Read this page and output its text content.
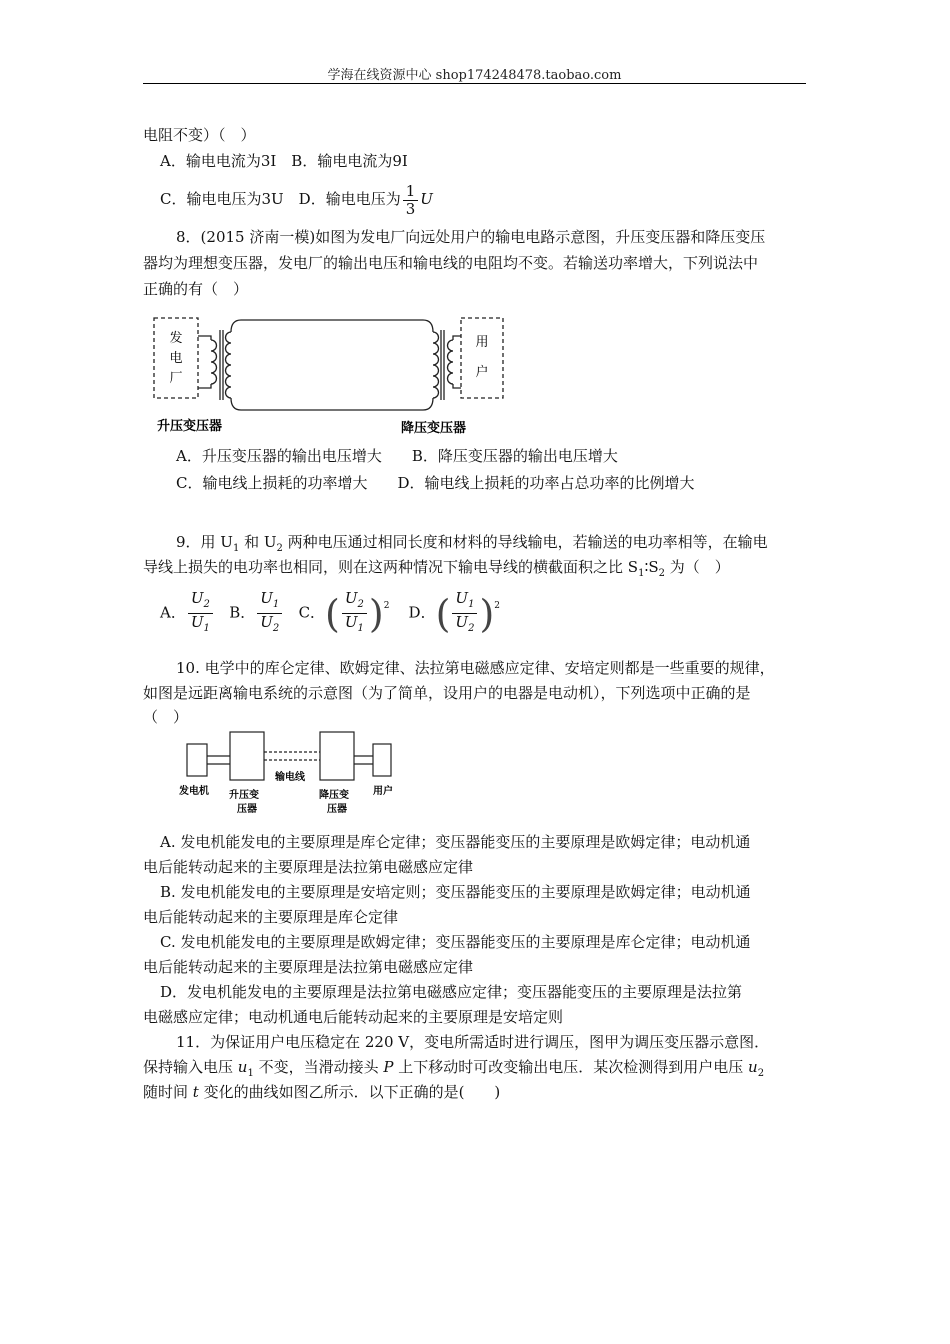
学海在线资源中心 shop174248478.taobao.com
电阻不变）（　）
A．输电电流为3I　B．输电电流为9I
C．输电电压为3U　D．输电电压为 $\frac{1}{3}$ U
8．(2015 济南一模)如图为发电厂向远处用户的输电电路示意图，升压变压器和降压变压
器均为理想变压器，发电厂的输出电压和输电线的电阻均不变。若输送功率增大，下列说法中
正确的有（　）
发
电
厂
用
户
升压变压器	降压变压器
A．升压变压器的输出电压增大　　B．降压变压器的输出电压增大
C．输电线上损耗的功率增大　　D．输电线上损耗的功率占总功率的比例增大
9．用 $U_1$ 和 $U_2$ 两种电压通过相同长度和材料的导线输电，若输送的电功率相等，在输电
导线上损失的电功率也相同，则在这两种情况下输电导线的横截面积之比 $S_1∶S_2$ 为（　）
A． $\frac{U_2}{U_1}$ B． $\frac{U_1}{U_2}$ C．( $\frac{U_2}{U_1} )^2$ D．( $\frac{U_1}{U_2} )^2$
10. 电学中的库仑定律、欧姆定律、法拉第电磁感应定律、安培定则都是一些重要的规律，
如图是远距离输电系统的示意图（为了简单，设用户的电器是电动机），下列选项中正确的是
（　）
发电机 升压变
压器
输电线
降压变
压器
用户
A. 发电机能发电的主要原理是库仑定律；变压器能变压的主要原理是欧姆定律；电动机通
电后能转动起来的主要原理是法拉第电磁感应定律
B. 发电机能发电的主要原理是安培定则；变压器能变压的主要原理是欧姆定律；电动机通
电后能转动起来的主要原理是库仑定律
C. 发电机能发电的主要原理是欧姆定律；变压器能变压的主要原理是库仑定律；电动机通
电后能转动起来的主要原理是法拉第电磁感应定律
D．发电机能发电的主要原理是法拉第电磁感应定律；变压器能变压的主要原理是法拉第
电磁感应定律；电动机通电后能转动起来的主要原理是安培定则
11．为保证用户电压稳定在 220 V，变电所需适时进行调压，图甲为调压变压器示意图．
保持输入电压 $u_1$ 不变，当滑动接头 P 上下移动时可改变输出电压．某次检测得到用户电压 $u_2$
随时间 t 变化的曲线如图乙所示．以下正确的是(　　)
